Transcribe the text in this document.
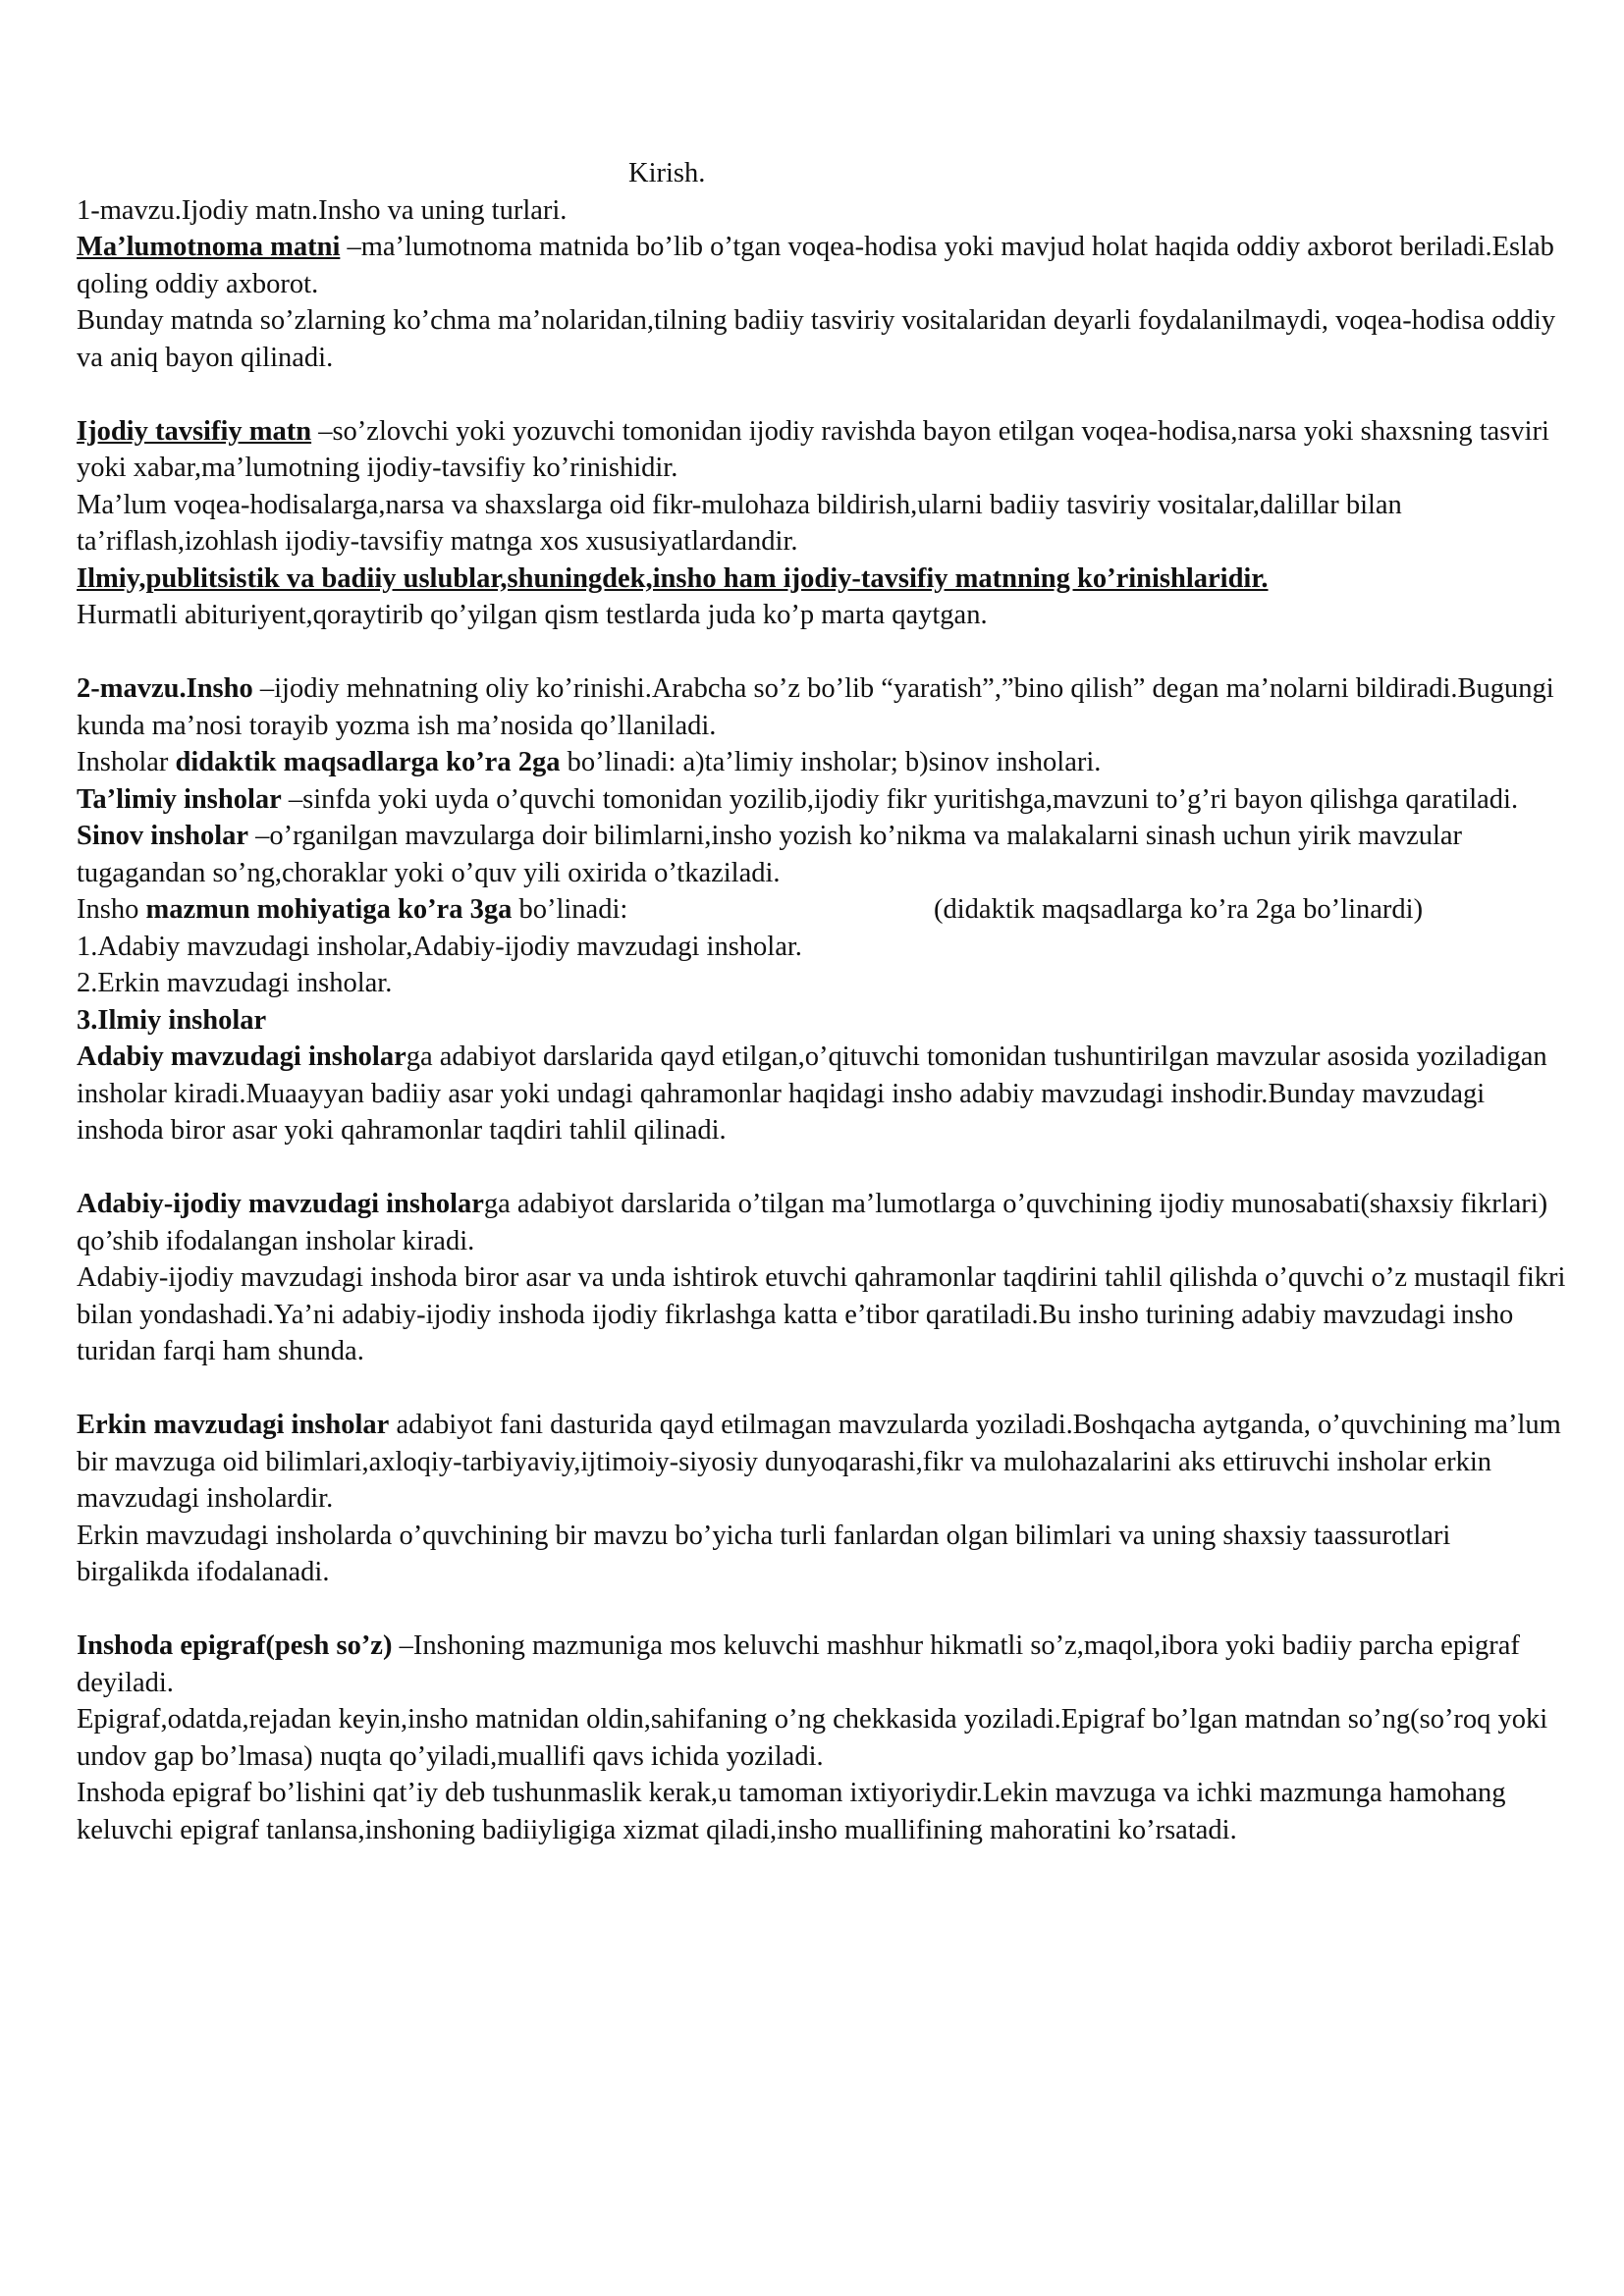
Kirish.

1-mavzu.Ijodiy matn.Insho va uning turlari.

Ma’lumotnoma matni –ma’lumotnoma matnida bo’lib o’tgan voqea-hodisa yoki mavjud holat haqida oddiy axborot beriladi.Eslab qoling oddiy axborot.

Bunday matnda so’zlarning ko’chma ma’nolaridan,tilning badiiy tasviriy vositalaridan deyarli foydalanilmaydi, voqea-hodisa oddiy va aniq bayon qilinadi.

Ijodiy tavsifiy matn –so’zlovchi yoki yozuvchi tomonidan ijodiy ravishda bayon etilgan voqea-hodisa,narsa yoki shaxsning tasviri yoki xabar,ma’lumotning ijodiy-tavsifiy ko’rinishidir.

Ma’lum voqea-hodisalarga,narsa va shaxslarga oid fikr-mulohaza bildirish,ularni badiiy tasviriy vositalar,dalillar bilan ta’riflash,izohlash ijodiy-tavsifiy matnga xos xususiyatlardandir.

Ilmiy,publitsistik va badiiy uslublar,shuningdek,insho ham ijodiy-tavsifiy matnning ko’rinishlaridir.

Hurmatli abituriyent,qoraytirib qo’yilgan qism testlarda juda ko’p marta qaytgan.

2-mavzu.Insho –ijodiy mehnatning oliy ko’rinishi.Arabcha so’z bo’lib “yaratish”,”bino qilish” degan ma’nolarni bildiradi.Bugungi kunda ma’nosi torayib yozma ish ma’nosida qo’llaniladi.

Insholar didaktik maqsadlarga ko’ra 2ga bo’linadi: a)ta’limiy insholar; b)sinov insholari.

Ta’limiy insholar –sinfda yoki uyda o’quvchi tomonidan yozilib,ijodiy fikr yuritishga,mavzuni to’g’ri bayon qilishga qaratiladi.

Sinov insholar –o’rganilgan mavzularga doir bilimlarni,insho yozish ko’nikma va malakalarni sinash uchun yirik mavzular tugagandan so’ng,choraklar yoki o’quv yili oxirida o’tkaziladi.

Insho mazmun mohiyatiga ko’ra 3ga bo’linadi:	(didaktik maqsadlarga ko’ra 2ga bo’linardi)

1.Adabiy mavzudagi insholar,Adabiy-ijodiy mavzudagi insholar.

2.Erkin mavzudagi insholar.

3.Ilmiy insholar

Adabiy mavzudagi insholarga adabiyot darslarida qayd etilgan,o’qituvchi tomonidan tushuntirilgan mavzular asosida yoziladigan insholar kiradi.Muaayyan badiiy asar yoki undagi qahramonlar haqidagi insho adabiy mavzudagi inshodir.Bunday mavzudagi inshoda biror asar yoki qahramonlar taqdiri tahlil qilinadi.

Adabiy-ijodiy mavzudagi insholarga adabiyot darslarida o’tilgan ma’lumotlarga o’quvchining ijodiy munosabati(shaxsiy fikrlari) qo’shib ifodalangan insholar kiradi.

Adabiy-ijodiy mavzudagi inshoda biror asar va unda ishtirok etuvchi qahramonlar taqdirini tahlil qilishda o’quvchi o’z mustaqil fikri bilan yondashadi.Ya’ni adabiy-ijodiy inshoda ijodiy fikrlashga katta e’tibor qaratiladi.Bu insho turining adabiy mavzudagi insho turidan farqi ham shunda.

Erkin mavzudagi insholar adabiyot fani dasturida qayd etilmagan mavzularda yoziladi.Boshqacha aytganda, o’quvchining ma’lum bir mavzuga oid bilimlari,axloqiy-tarbiyaviy,ijtimoiy-siyosiy dunyoqarashi,fikr va mulohazalarini aks ettiruvchi insholar erkin mavzudagi insholardir.

Erkin mavzudagi insholarda o’quvchining bir mavzu bo’yicha turli fanlardan olgan bilimlari va uning shaxsiy taassurotlari birgalikda ifodalanadi.

Inshoda epigraf(pesh so’z) –Inshoning mazmuniga mos keluvchi mashhur hikmatli so’z,maqol,ibora yoki badiiy parcha epigraf deyiladi.

Epigraf,odatda,rejadan keyin,insho matnidan oldin,sahifaning o’ng chekkasida yoziladi.Epigraf bo’lgan matndan so’ng(so’roq yoki undov gap bo’lmasa) nuqta qo’yiladi,muallifi qavs ichida yoziladi.

Inshoda epigraf bo’lishini qat’iy deb tushunmaslik kerak,u tamoman ixtiyoriydir.Lekin mavzuga va ichki mazmunga hamohang keluvchi epigraf tanlansa,inshoning badiiyligiga xizmat qiladi,insho muallifining mahoratini ko’rsatadi.
